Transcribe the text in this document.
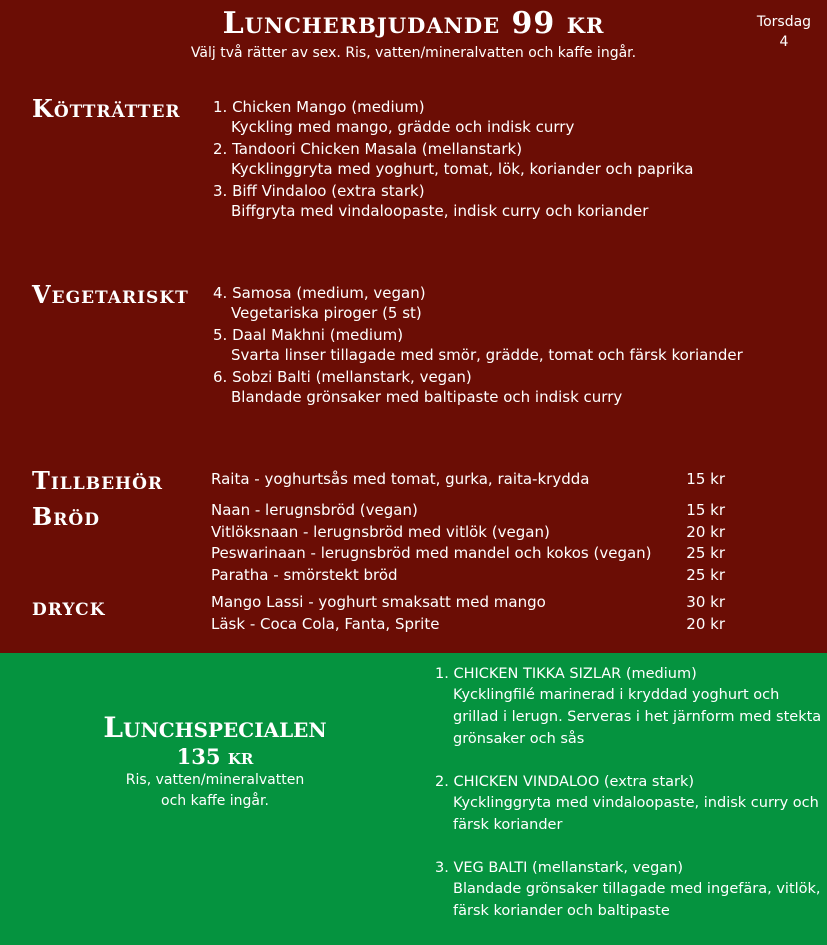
Luncherbjudande 99 kr
Välj två rätter av sex. Ris, vatten/mineralvatten och kaffe ingår.
Torsdag
4
Kötträtter 1. Chicken Mango (medium)
Kyckling med mango, grädde och indisk curry
2. Tandoori Chicken Masala (mellanstark)
Kycklinggryta med yoghurt, tomat, lök, koriander och paprika
3. Biff Vindaloo (extra stark)
Biffgryta med vindaloopaste, indisk curry och koriander
Vegetariskt 4. Samosa (medium, vegan)
Vegetariska piroger (5 st)
5. Daal Makhni (medium)
Svarta linser tillagade med smör, grädde, tomat och färsk koriander
6. Sobzi Balti (mellanstark, vegan)
Blandade grönsaker med baltipaste och indisk curry
Tillbehör	Raita - yoghurtsås med tomat, gurka, raita-krydda	15 kr
Bröd	Naan - lerugnsbröd (vegan)	15 kr
Vitlöksnaan - lerugnsbröd med vitlök (vegan)	20 kr
Peswarinaan - lerugnsbröd med mandel och kokos (vegan) 25 kr
Paratha - smörstekt bröd	25 kr
dryck	Mango Lassi - yoghurt smaksatt med mango	30 kr
Läsk - Coca Cola, Fanta, Sprite	20 kr
Lunchspecialen
135 kr
Ris, vatten/mineralvatten
och kaffe ingår.
1. CHICKEN TIKKA SIZLAR (medium)
Kycklingfilé marinerad i kryddad yoghurt och grillad i lerugn. Serveras i het järnform med stekta grönsaker och sås
2. CHICKEN VINDALOO (extra stark)
Kycklinggryta med vindaloopaste, indisk curry och färsk koriander
3. VEG BALTI (mellanstark, vegan)
Blandade grönsaker tillagade med ingefära, vitlök, färsk koriander och baltipaste
